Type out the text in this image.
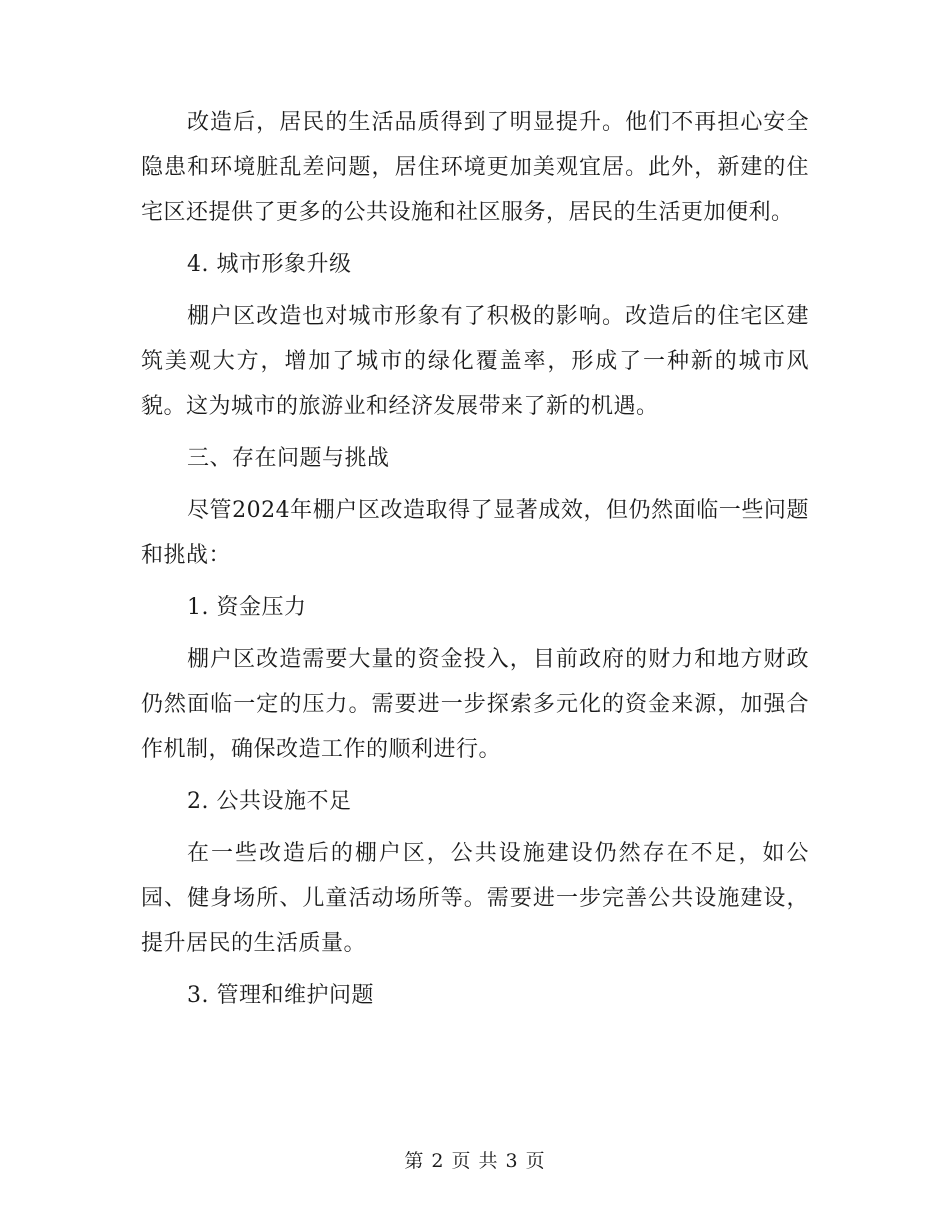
改造后，居民的生活品质得到了明显提升。他们不再担心安全隐患和环境脏乱差问题，居住环境更加美观宜居。此外，新建的住宅区还提供了更多的公共设施和社区服务，居民的生活更加便利。

4. 城市形象升级

棚户区改造也对城市形象有了积极的影响。改造后的住宅区建筑美观大方，增加了城市的绿化覆盖率，形成了一种新的城市风貌。这为城市的旅游业和经济发展带来了新的机遇。

三、存在问题与挑战

尽管2024年棚户区改造取得了显著成效，但仍然面临一些问题和挑战：

1. 资金压力

棚户区改造需要大量的资金投入，目前政府的财力和地方财政仍然面临一定的压力。需要进一步探索多元化的资金来源，加强合作机制，确保改造工作的顺利进行。

2. 公共设施不足

在一些改造后的棚户区，公共设施建设仍然存在不足，如公园、健身场所、儿童活动场所等。需要进一步完善公共设施建设，提升居民的生活质量。

3. 管理和维护问题

第 2 页 共 3 页
